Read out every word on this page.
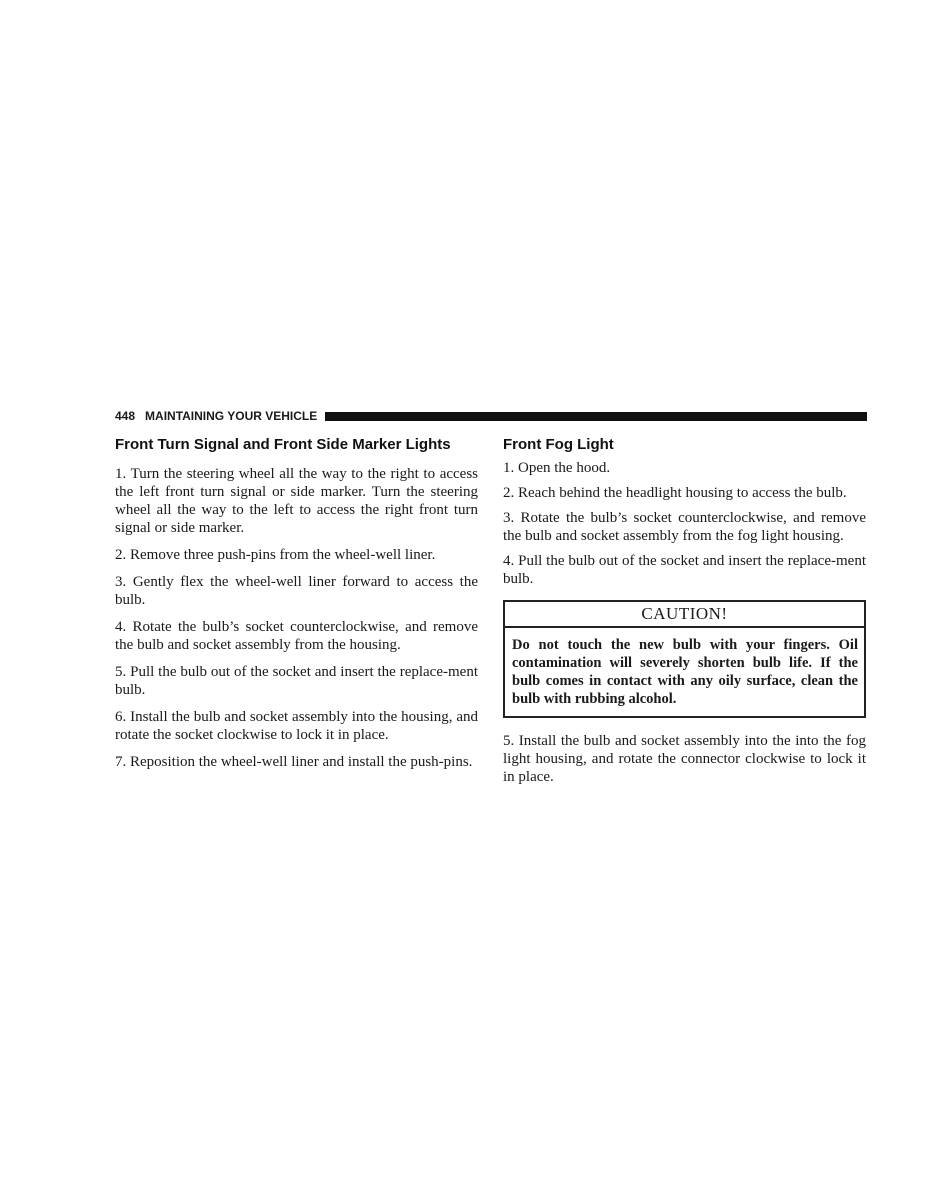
448 MAINTAINING YOUR VEHICLE
Front Turn Signal and Front Side Marker Lights

1. Turn the steering wheel all the way to the right to access the left front turn signal or side marker. Turn the steering wheel all the way to the left to access the right front turn signal or side marker.

2. Remove three push-pins from the wheel-well liner.

3. Gently flex the wheel-well liner forward to access the bulb.

4. Rotate the bulb’s socket counterclockwise, and remove the bulb and socket assembly from the housing.

5. Pull the bulb out of the socket and insert the replace-ment bulb.

6. Install the bulb and socket assembly into the housing, and rotate the socket clockwise to lock it in place.

7. Reposition the wheel-well liner and install the push-pins.

Front Fog Light

1. Open the hood.

2. Reach behind the headlight housing to access the bulb.

3. Rotate the bulb’s socket counterclockwise, and remove the bulb and socket assembly from the fog light housing.

4. Pull the bulb out of the socket and insert the replace-ment bulb.

CAUTION!
Do not touch the new bulb with your fingers. Oil contamination will severely shorten bulb life. If the bulb comes in contact with any oily surface, clean the bulb with rubbing alcohol.

5. Install the bulb and socket assembly into the into the fog light housing, and rotate the connector clockwise to lock it in place.
